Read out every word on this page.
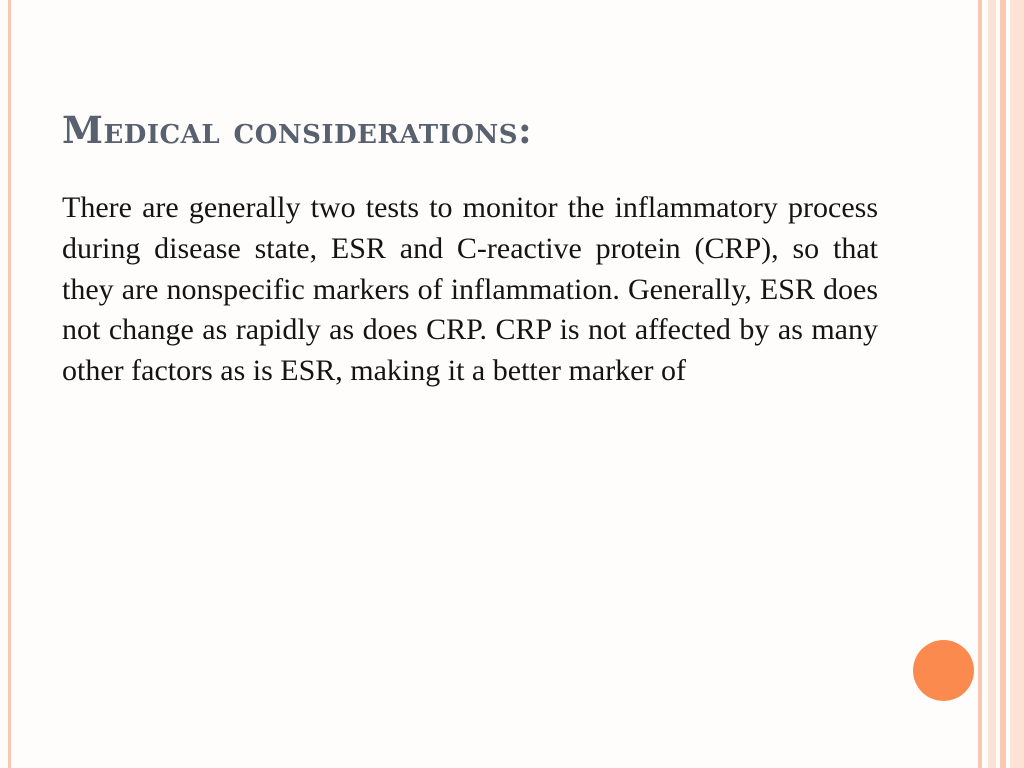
Medical considerations:

There are generally two tests to monitor the inflammatory process during disease state, ESR and C-reactive protein (CRP), so that they are nonspecific markers of inflammation. Generally, ESR does not change as rapidly as does CRP. CRP is not affected by as many other factors as is ESR, making it a better marker of
